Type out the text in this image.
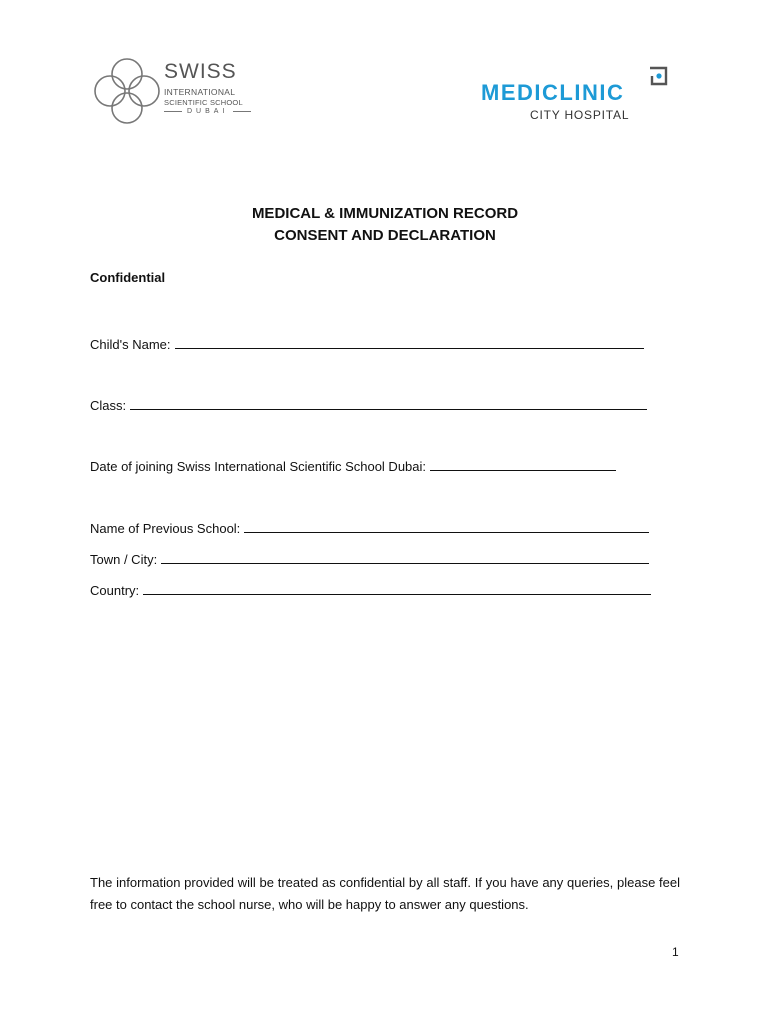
SWISS
INTERNATIONAL
SCIENTIFIC SCHOOL
DUBAI
MEDICLINIC
CITY HOSPITAL
MEDICAL & IMMUNIZATION RECORD
CONSENT AND DECLARATION
Confidential
Child's Name:
Class:
Date of joining Swiss International Scientific School Dubai:
Name of Previous School:
Town / City:
Country:
The information provided will be treated as confidential by all staff. If you have any queries, please feel free to contact the school nurse, who will be happy to answer any questions.
1
